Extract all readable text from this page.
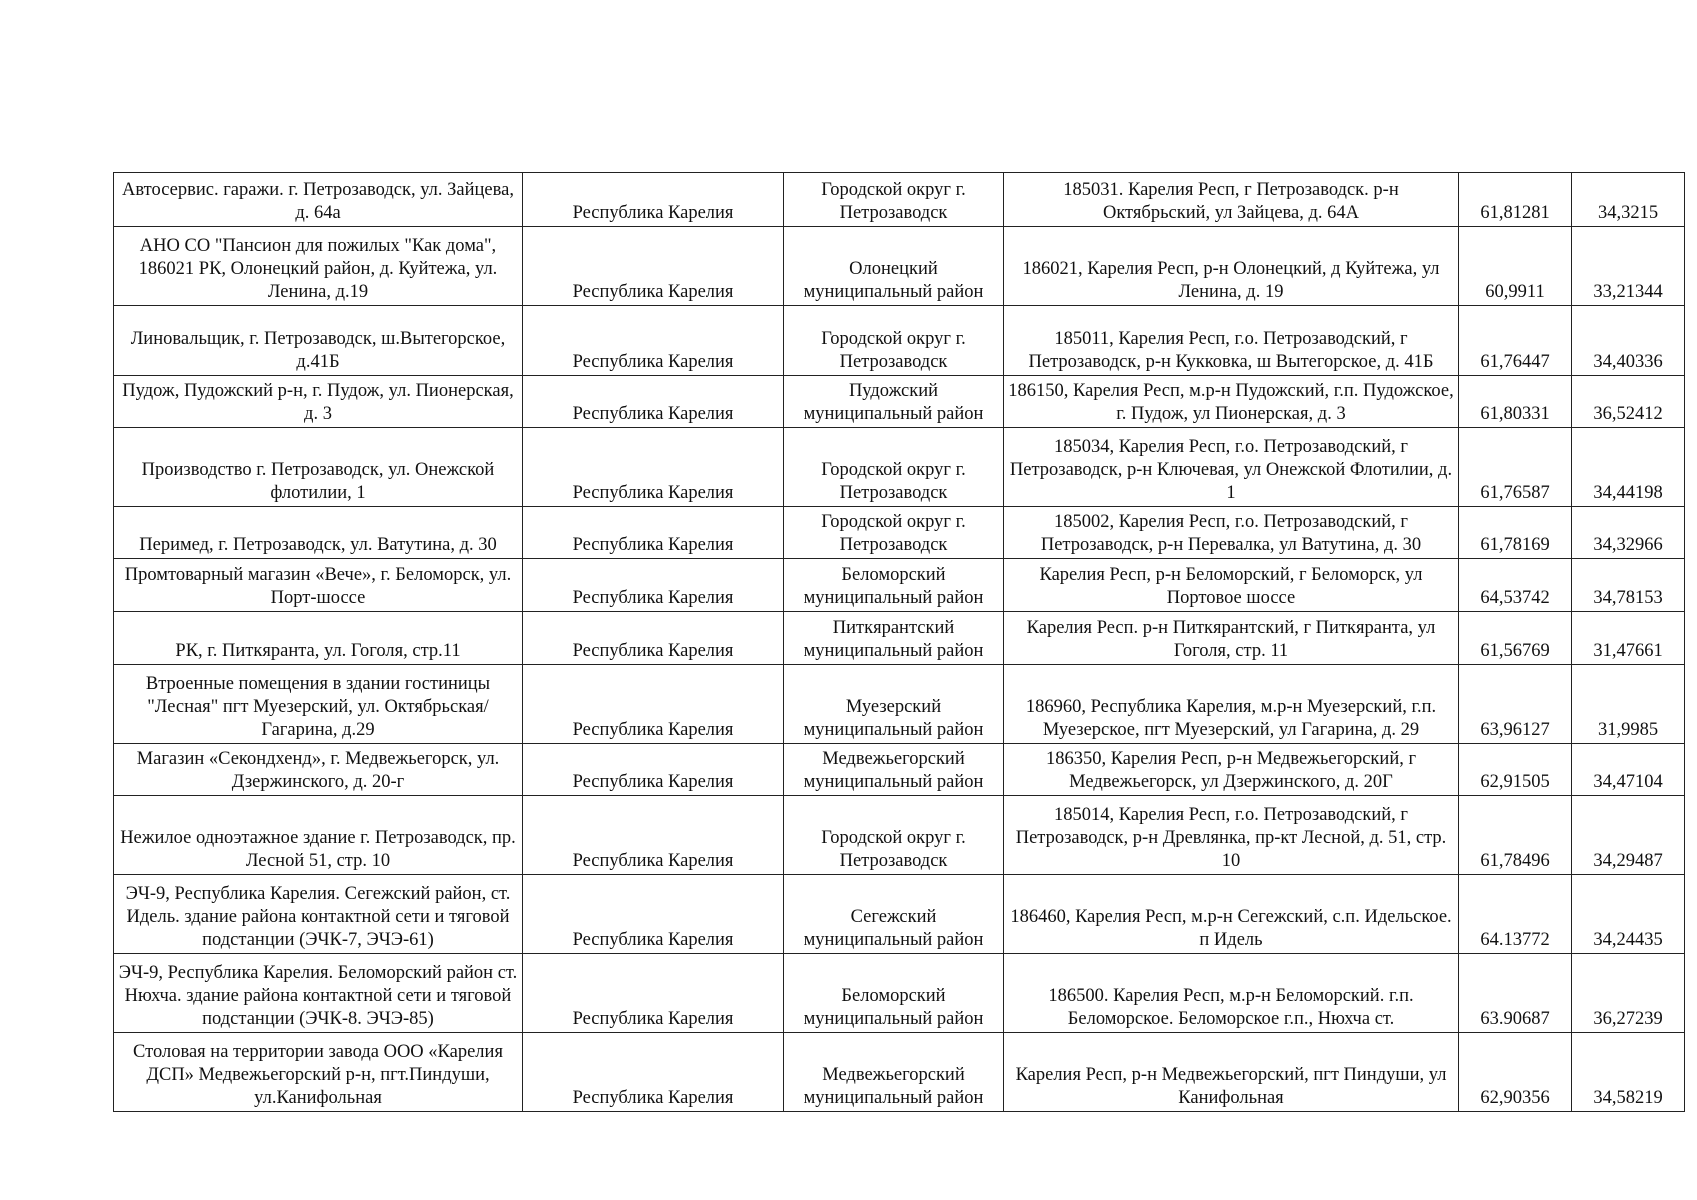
Автосервис. гаражи. г. Петрозаводск, ул. Зайцева, д. 64а	Республика Карелия	Городской округ г. Петрозаводск	185031. Карелия Респ, г Петрозаводск. р-н Октябрьский, ул Зайцева, д. 64А	61,81281	34,3215
АНО СО "Пансион для пожилых "Как дома", 186021 РК, Олонецкий район, д. Куйтежа, ул. Ленина, д.19	Республика Карелия	Олонецкий муниципальный район	186021, Карелия Респ, р-н Олонецкий, д Куйтежа, ул Ленина, д. 19	60,9911	33,21344
Линовальщик, г. Петрозаводск, ш.Вытегорское, д.41Б	Республика Карелия	Городской округ г. Петрозаводск	185011, Карелия Респ, г.о. Петрозаводский, г Петрозаводск, р-н Кукковка, ш Вытегорское, д. 41Б	61,76447	34,40336
Пудож, Пудожский р-н, г. Пудож, ул. Пионерская, д. 3	Республика Карелия	Пудожский муниципальный район	186150, Карелия Респ, м.р-н Пудожский, г.п. Пудожское, г. Пудож, ул Пионерская, д. 3	61,80331	36,52412
Производство г. Петрозаводск, ул. Онежской флотилии, 1	Республика Карелия	Городской округ г. Петрозаводск	185034, Карелия Респ, г.о. Петрозаводский, г Петрозаводск, р-н Ключевая, ул Онежской Флотилии, д. 1	61,76587	34,44198
Перимед, г. Петрозаводск, ул. Ватутина, д. 30	Республика Карелия	Городской округ г. Петрозаводск	185002, Карелия Респ, г.о. Петрозаводский, г Петрозаводск, р-н Перевалка, ул Ватутина, д. 30	61,78169	34,32966
Промтоварный магазин «Вече», г. Беломорск, ул. Порт-шоссе	Республика Карелия	Беломорский муниципальный район	Карелия Респ, р-н Беломорский, г Беломорск, ул Портовое шоссе	64,53742	34,78153
РК, г. Питкяранта, ул. Гоголя, стр.11	Республика Карелия	Питкярантский муниципальный район	Карелия Респ. р-н Питкярантский, г Питкяранта, ул Гоголя, стр. 11	61,56769	31,47661
Втроенные помещения в здании гостиницы "Лесная" пгт Муезерский, ул. Октябрьская/Гагарина, д.29	Республика Карелия	Муезерский муниципальный район	186960, Республика Карелия, м.р-н Муезерский, г.п. Муезерское, пгт Муезерский, ул Гагарина, д. 29	63,96127	31,9985
Магазин «Секондхенд», г. Медвежьегорск, ул. Дзержинского, д. 20-г	Республика Карелия	Медвежьегорский муниципальный район	186350, Карелия Респ, р-н Медвежьегорский, г Медвежьегорск, ул Дзержинского, д. 20Г	62,91505	34,47104
Нежилое одноэтажное здание г. Петрозаводск, пр. Лесной 51, стр. 10	Республика Карелия	Городской округ г. Петрозаводск	185014, Карелия Респ, г.о. Петрозаводский, г Петрозаводск, р-н Древлянка, пр-кт Лесной, д. 51, стр. 10	61,78496	34,29487
ЭЧ-9, Республика Карелия. Сегежский район, ст. Идель. здание района контактной сети и тяговой подстанции (ЭЧК-7, ЭЧЭ-61)	Республика Карелия	Сегежский муниципальный район	186460, Карелия Респ, м.р-н Сегежский, с.п. Идельское. п Идель	64.13772	34,24435
ЭЧ-9, Республика Карелия. Беломорский район ст. Нюхча. здание района контактной сети и тяговой подстанции (ЭЧК-8. ЭЧЭ-85)	Республика Карелия	Беломорский муниципальный район	186500. Карелия Респ, м.р-н Беломорский. г.п. Беломорское. Беломорское г.п., Нюхча ст.	63.90687	36,27239
Столовая на территории завода ООО «Карелия ДСП» Медвежьегорский р-н, пгт.Пиндуши, ул.Канифольная	Республика Карелия	Медвежьегорский муниципальный район	Карелия Респ, р-н Медвежьегорский, пгт Пиндуши, ул Канифольная	62,90356	34,58219
